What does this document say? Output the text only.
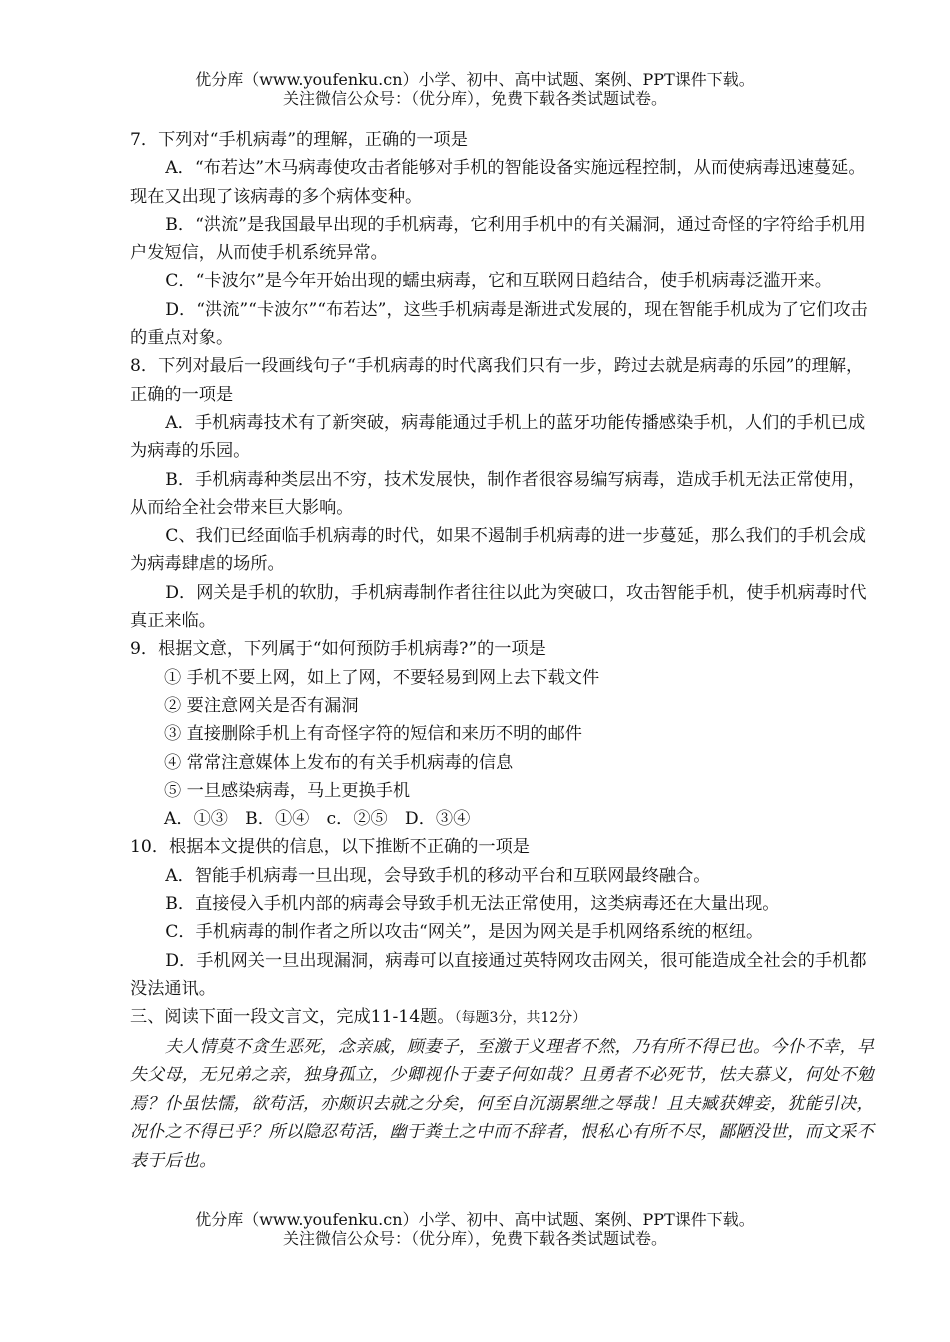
优分库（www.youfenku.cn）小学、初中、高中试题、案例、PPT课件下载。
关注微信公众号：（优分库），免费下载各类试题试卷。

7．下列对“手机病毒”的理解，正确的一项是

A．“布若达”木马病毒使攻击者能够对手机的智能设备实施远程控制，从而使病毒迅速蔓延。现在又出现了该病毒的多个病体变种。

B．“洪流”是我国最早出现的手机病毒，它利用手机中的有关漏洞，通过奇怪的字符给手机用户发短信，从而使手机系统异常。

C．“卡波尔”是今年开始出现的蠕虫病毒，它和互联网日趋结合，使手机病毒泛滥开来。

D．“洪流”“卡波尔”“布若达”，这些手机病毒是渐进式发展的，现在智能手机成为了它们攻击的重点对象。

8．下列对最后一段画线句子“手机病毒的时代离我们只有一步，跨过去就是病毒的乐园”的理解，正确的一项是

A．手机病毒技术有了新突破，病毒能通过手机上的蓝牙功能传播感染手机，人们的手机已成为病毒的乐园。

B．手机病毒种类层出不穷，技术发展快，制作者很容易编写病毒，造成手机无法正常使用，从而给全社会带来巨大影响。

C、我们已经面临手机病毒的时代，如果不遏制手机病毒的进一步蔓延，那么我们的手机会成为病毒肆虐的场所。

D．网关是手机的软肋，手机病毒制作者往往以此为突破口，攻击智能手机，使手机病毒时代真正来临。

9．根据文意，下列属于“如何预防手机病毒?”的一项是

① 手机不要上网，如上了网，不要轻易到网上去下载文件

② 要注意网关是否有漏洞

③ 直接删除手机上有奇怪字符的短信和来历不明的邮件

④ 常常注意媒体上发布的有关手机病毒的信息

⑤ 一旦感染病毒，马上更换手机

A．①③　B．①④　c．②⑤　D．③④

10．根据本文提供的信息，以下推断不正确的一项是

A．智能手机病毒一旦出现，会导致手机的移动平台和互联网最终融合。

B．直接侵入手机内部的病毒会导致手机无法正常使用，这类病毒还在大量出现。

C．手机病毒的制作者之所以攻击“网关”，是因为网关是手机网络系统的枢纽。

D．手机网关一旦出现漏洞，病毒可以直接通过英特网攻击网关，很可能造成全社会的手机都没法通讯。

三、阅读下面一段文言文，完成11-14题。（每题3分，共12分）

夫人情莫不贪生恶死，念亲戚，顾妻子，至激于义理者不然，乃有所不得已也。今仆不幸，早失父母，无兄弟之亲，独身孤立，少卿视仆于妻子何如哉？且勇者不必死节，怯夫慕义，何处不勉焉？仆虽怯懦，欲苟活，亦颇识去就之分矣，何至自沉溺累绁之辱哉！且夫臧获婢妾，犹能引决，况仆之不得已乎？所以隐忍苟活，幽于粪土之中而不辞者，恨私心有所不尽，鄙陋没世，而文采不表于后也。

优分库（www.youfenku.cn）小学、初中、高中试题、案例、PPT课件下载。
关注微信公众号：（优分库），免费下载各类试题试卷。
